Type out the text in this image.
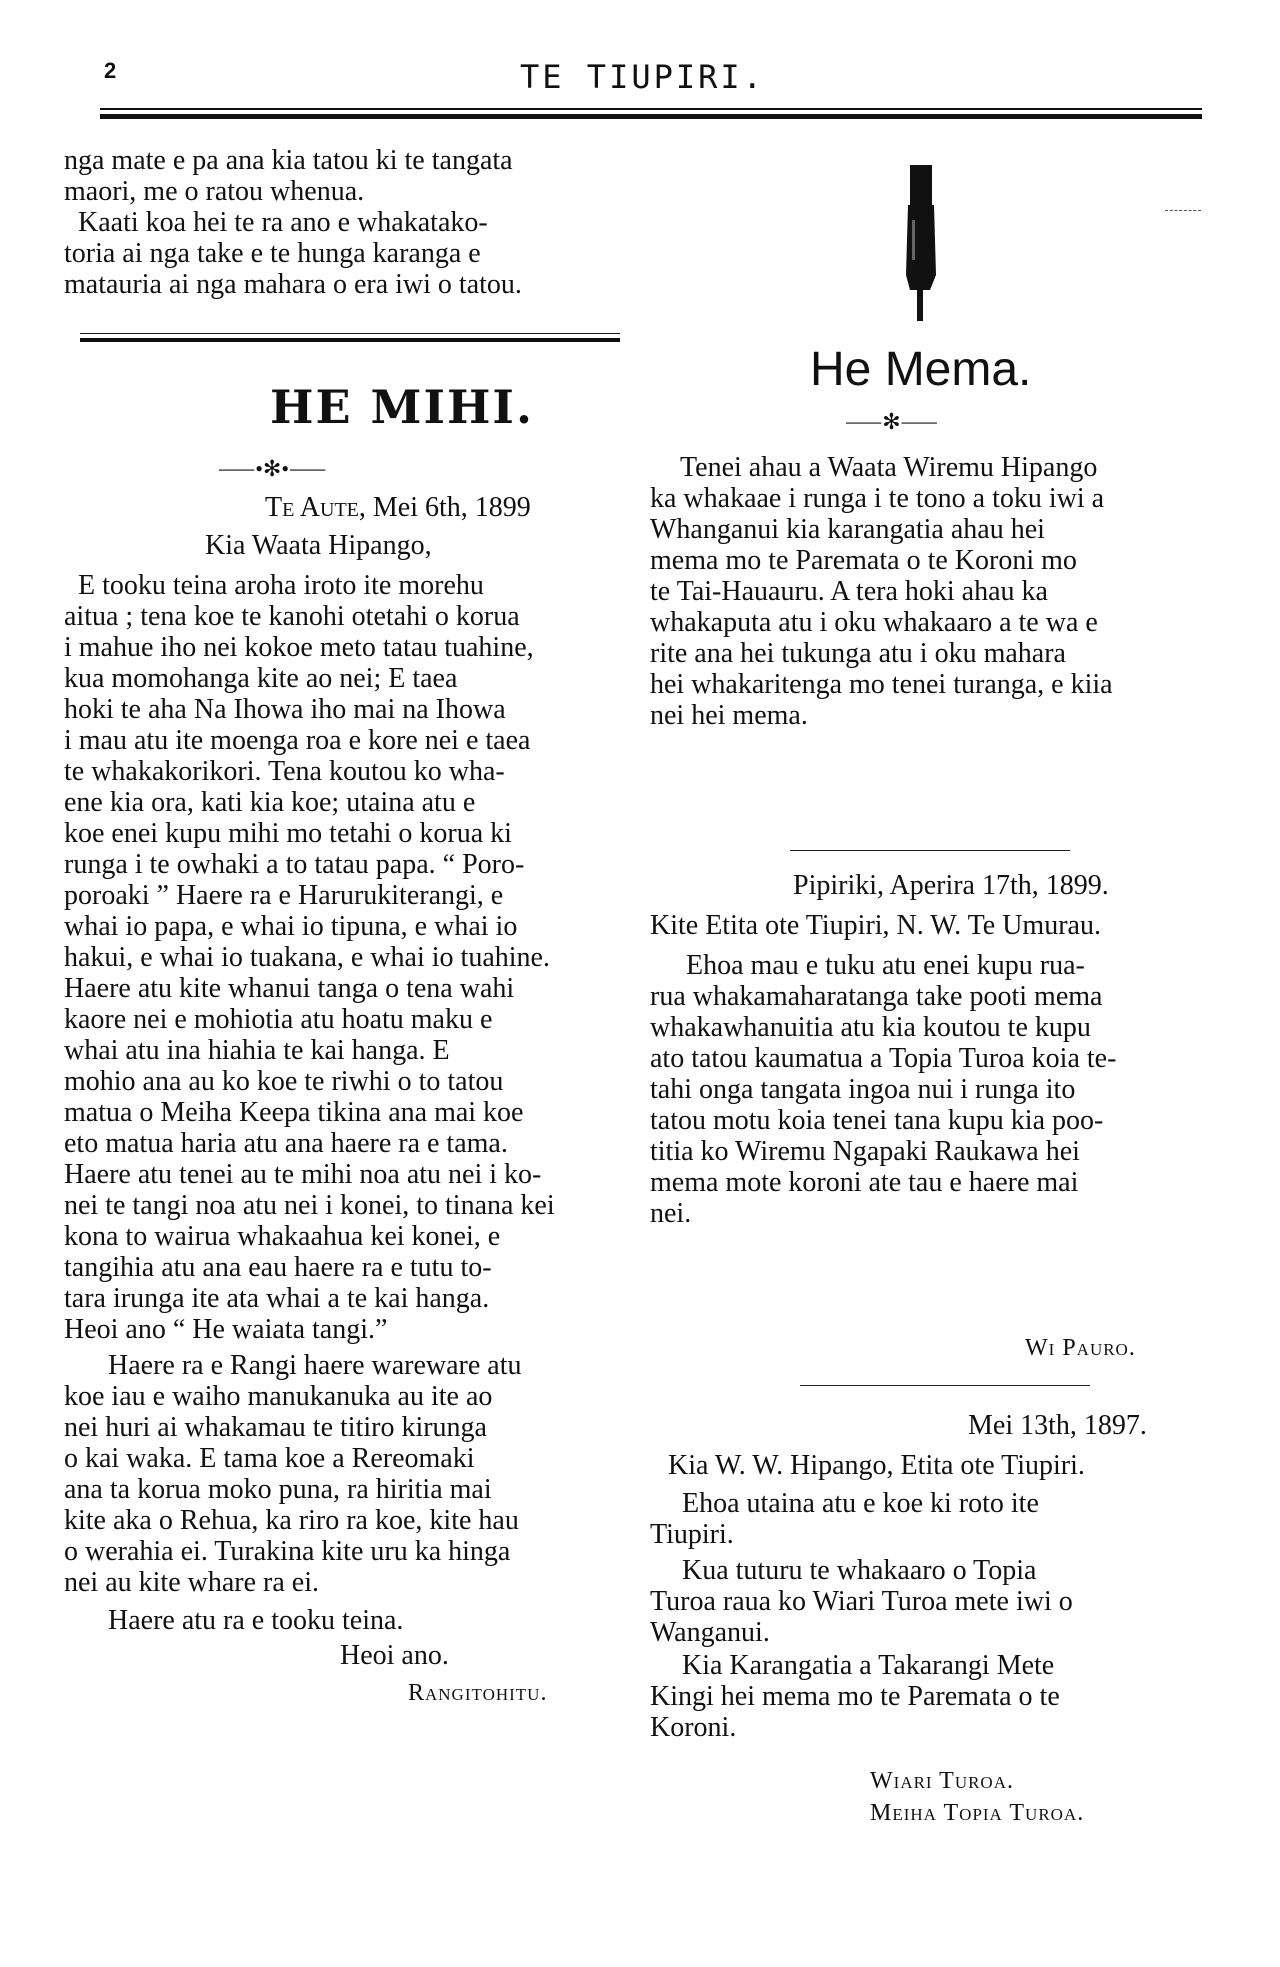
2	TE TIUPIRI.
nga mate e pa ana kia tatou ki te tangata
maori, me o ratou whenua.
Kaati koa hei te ra ano e whakatako-
toria ai nga take e te hunga karanga e
matauria ai nga mahara o era iwi o tatou.
HE MIHI.
⸺•✻•⸺
Te Aute, Mei 6th, 1899
Kia Waata Hipango,
E tooku teina aroha iroto ite morehu
aitua ; tena koe te kanohi otetahi o korua
i mahue iho nei kokoe meto tatau tuahine,
kua momohanga kite ao nei; E taea
hoki te aha Na Ihowa iho mai na Ihowa
i mau atu ite moenga roa e kore nei e taea
te whakakorikori. Tena koutou ko wha-
ene kia ora, kati kia koe; utaina atu e
koe enei kupu mihi mo tetahi o korua ki
runga i te owhaki a to tatau papa. “ Poro-
poroaki ” Haere ra e Harurukiterangi, e
whai io papa, e whai io tipuna, e whai io
hakui, e whai io tuakana, e whai io tuahine.
Haere atu kite whanui tanga o tena wahi
kaore nei e mohiotia atu hoatu maku e
whai atu ina hiahia te kai hanga. E
mohio ana au ko koe te riwhi o to tatou
matua o Meiha Keepa tikina ana mai koe
eto matua haria atu ana haere ra e tama.
Haere atu tenei au te mihi noa atu nei i ko-
nei te tangi noa atu nei i konei, to tinana kei
kona to wairua whakaahua kei konei, e
tangihia atu ana eau haere ra e tutu to-
tara irunga ite ata whai a te kai hanga.
Heoi ano “ He waiata tangi.”
Haere ra e Rangi haere wareware atu
koe iau e waiho manukanuka au ite ao
nei huri ai whakamau te titiro kirunga
o kai waka. E tama koe a Rereomaki
ana ta korua moko puna, ra hiritia mai
kite aka o Rehua, ka riro ra koe, kite hau
o werahia ei. Turakina kite uru ka hinga
nei au kite whare ra ei.
Haere atu ra e tooku teina.
Heoi ano.
Rangitohitu.
He Mema.
⸺✻⸺
Tenei ahau a Waata Wiremu Hipango
ka whakaae i runga i te tono a toku iwi a
Whanganui kia karangatia ahau hei
mema mo te Paremata o te Koroni mo
te Tai-Hauauru. A tera hoki ahau ka
whakaputa atu i oku whakaaro a te wa e
rite ana hei tukunga atu i oku mahara
hei whakaritenga mo tenei turanga, e kiia
nei hei mema.
Pipiriki, Aperira 17th, 1899.
Kite Etita ote Tiupiri, N. W. Te Umurau.
Ehoa mau e tuku atu enei kupu rua-
rua whakamaharatanga take pooti mema
whakawhanuitia atu kia koutou te kupu
ato tatou kaumatua a Topia Turoa koia te-
tahi onga tangata ingoa nui i runga ito
tatou motu koia tenei tana kupu kia poo-
titia ko Wiremu Ngapaki Raukawa hei
mema mote koroni ate tau e haere mai
nei.
Wi Pauro.
Mei 13th, 1897.
Kia W. W. Hipango, Etita ote Tiupiri.
Ehoa utaina atu e koe ki roto ite
Tiupiri.
Kua tuturu te whakaaro o Topia
Turoa raua ko Wiari Turoa mete iwi o
Wanganui.
Kia Karangatia a Takarangi Mete
Kingi hei mema mo te Paremata o te
Koroni.
Wiari Turoa.
Meiha Topia Turoa.
